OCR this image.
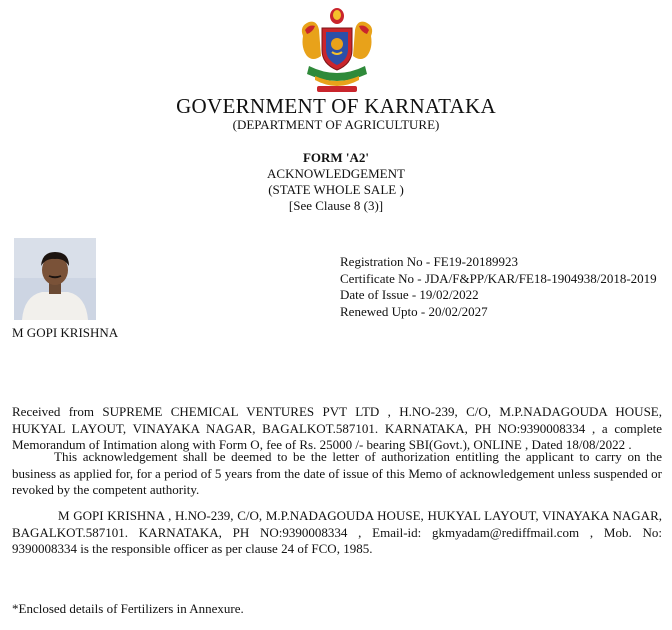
GOVERNMENT OF KARNATAKA
(DEPARTMENT OF AGRICULTURE)
FORM 'A2'
ACKNOWLEDGEMENT
(STATE WHOLE SALE )
[See Clause 8 (3)]
M GOPI KRISHNA
Registration No - FE19-20189923
Certificate No - JDA/F&PP/KAR/FE18-1904938/2018-2019
Date of Issue - 19/02/2022
Renewed Upto - 20/02/2027

Received from SUPREME CHEMICAL VENTURES PVT LTD , H.NO-239, C/O, M.P.NADAGOUDA HOUSE, HUKYAL LAYOUT, VINAYAKA NAGAR, BAGALKOT.587101. KARNATAKA, PH NO:9390008334 , a complete Memorandum of Intimation along with Form O, fee of Rs. 25000 /- bearing SBI(Govt.), ONLINE , Dated 18/08/2022 .

This acknowledgement shall be deemed to be the letter of authorization entitling the applicant to carry on the business as applied for, for a period of 5 years from the date of issue of this Memo of acknowledgement unless suspended or revoked by the competent authority.

M GOPI KRISHNA , H.NO-239, C/O, M.P.NADAGOUDA HOUSE, HUKYAL LAYOUT, VINAYAKA NAGAR, BAGALKOT.587101. KARNATAKA, PH NO:9390008334 , Email-id: gkmyadam@rediffmail.com , Mob. No: 9390008334 is the responsible officer as per clause 24 of FCO, 1985.

*Enclosed details of Fertilizers in Annexure.
